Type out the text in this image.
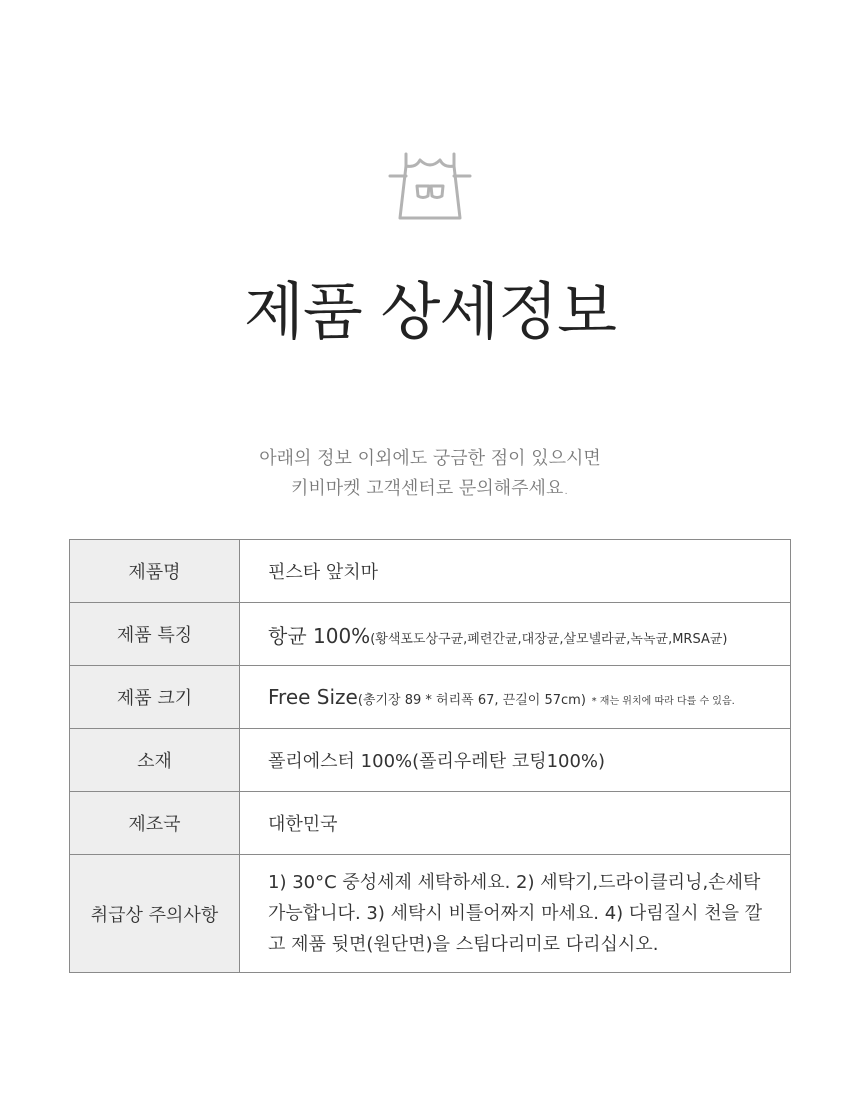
제품 상세정보
아래의 정보 이외에도 궁금한 점이 있으시면
키비마켓 고객센터로 문의해주세요.
제품명	핀스타 앞치마
제품 특징	항균 100%(황색포도상구균,폐련간균,대장균,살모넬라균,녹녹균,MRSA균)
제품 크기	Free Size(총기장 89 * 허리폭 67, 끈길이 57cm) * 재는 위치에 따라 다를 수 있음.
소재	폴리에스터 100%(폴리우레탄 코팅100%)
제조국	대한민국
취급상 주의사항	1) 30°C 중성세제 세탁하세요. 2) 세탁기,드라이클리닝,손세탁 가능합니다. 3) 세탁시 비틀어짜지 마세요. 4) 다림질시 천을 깔고 제품 뒷면(원단면)을 스팀다리미로 다리십시오.
